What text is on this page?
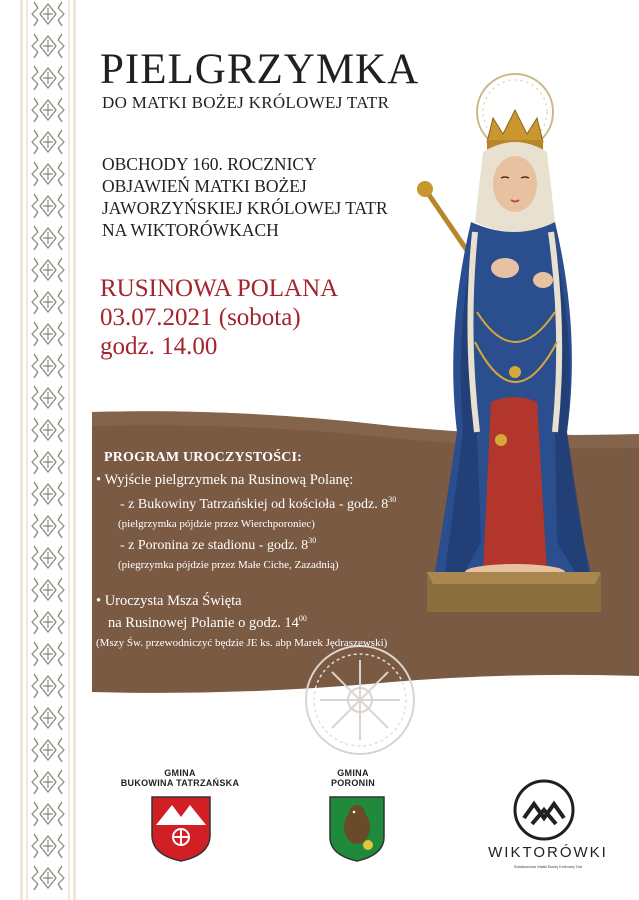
PIELGRZYMKA
DO MATKI BOŻEJ KRÓLOWEJ TATR
OBCHODY 160. ROCZNICY
OBJAWIEŃ MATKI BOŻEJ
JAWORZYŃSKIEJ KRÓLOWEJ TATR
NA WIKTORÓWKACH
RUSINOWA POLANA
03.07.2021 (sobota)
godz. 14.00
PROGRAM UROCZYSTOŚCI:
• Wyjście pielgrzymek na Rusinową Polanę:
- z Bukowiny Tatrzańskiej od kościoła - godz. $8^{30}$
(pielgrzymka pójdzie przez Wierchporoniec)
- z Poronina ze stadionu - godz. $8^{30}$
(piegrzymka pójdzie przez Małe Ciche, Zazadnią)
• Uroczysta Msza Święta
na Rusinowej Polanie o godz. $14^{00}$
(Mszy Św. przewodniczyć będzie JE ks. abp Marek Jędraszewski)
GMINA
BUKOWINA TATRZAŃSKA
GMINA
PORONIN
WIKTORÓWKI
Sanktuarium Matki Bożej Królowej Tatr
